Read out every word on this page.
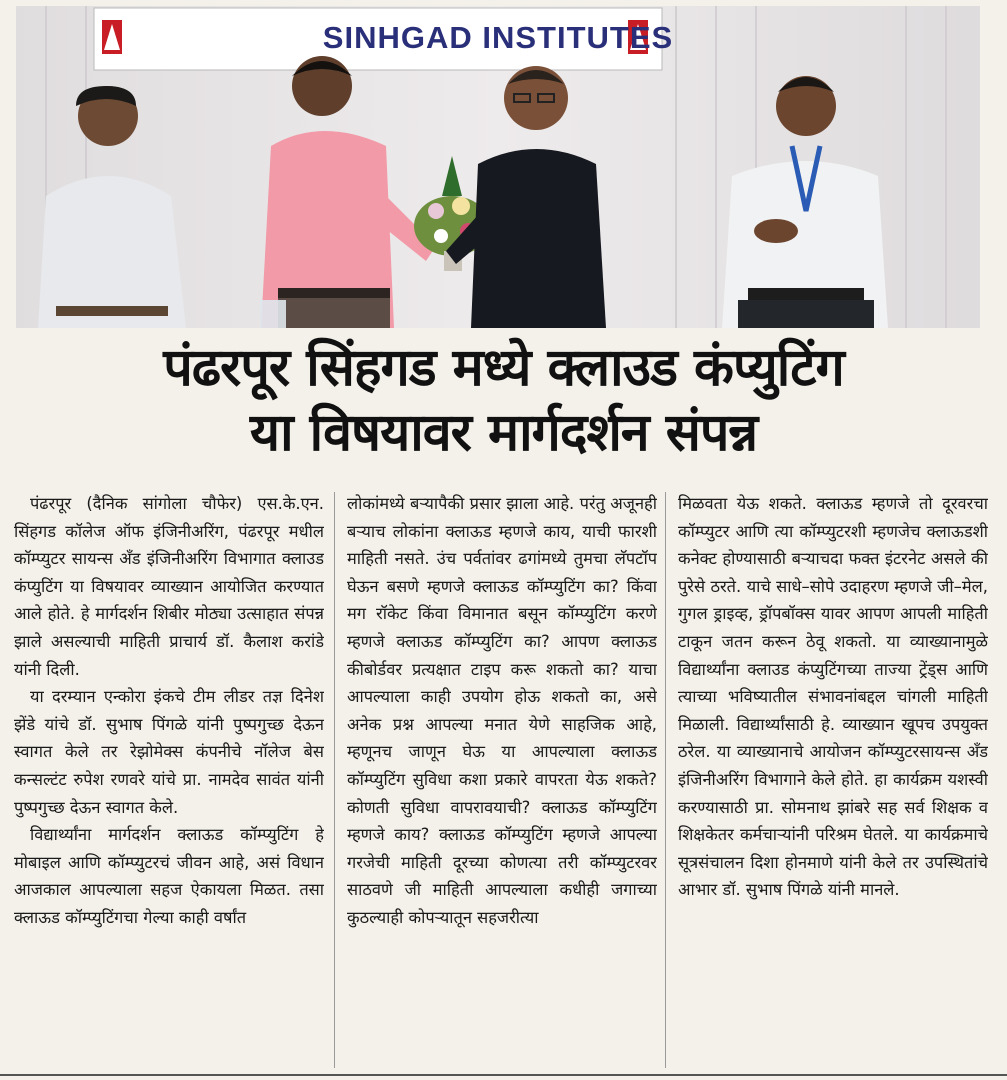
SINHGAD INSTITUTES
पंढरपूर सिंहगड मध्ये क्लाउड कंप्युटिंग
या विषयावर मार्गदर्शन संपन्न

पंढरपूर (दैनिक सांगोला चौफेर) एस.के.एन. सिंहगड कॉलेज ऑफ इंजिनीअरिंग, पंढरपूर मधील कॉम्प्युटर सायन्स अँड इंजिनीअरिंग विभागात क्लाउड कंप्युटिंग या विषयावर व्याख्यान आयोजित करण्यात आले होते. हे मार्गदर्शन शिबीर मोठ्या उत्साहात संपन्न झाले असल्याची माहिती प्राचार्य डॉ. कैलाश करांडे यांनी दिली.

या दरम्यान एन्कोरा इंकचे टीम लीडर तज्ञ दिनेश झेंडे यांचे डॉ. सुभाष पिंगळे यांनी पुष्पगुच्छ देऊन स्वागत केले तर रेझोमेक्स कंपनीचे नॉलेज बेस कन्सल्टंट रुपेश रणवरे यांचे प्रा. नामदेव सावंत यांनी पुष्पगुच्छ देऊन स्वागत केले.

विद्यार्थ्यांना मार्गदर्शन क्लाऊड कॉम्प्युटिंग हे मोबाइल आणि कॉम्प्युटरचं जीवन आहे, असं विधान आजकाल आपल्याला सहज ऐकायला मिळत. तसा क्लाऊड कॉम्प्युटिंगचा गेल्या काही वर्षांत

लोकांमध्ये बऱ्यापैकी प्रसार झाला आहे. परंतु अजूनही बऱ्याच लोकांना क्लाऊड म्हणजे काय, याची फारशी माहिती नसते. उंच पर्वतांवर ढगांमध्ये तुमचा लॅपटॉप घेऊन बसणे म्हणजे क्लाऊड कॉम्प्युटिंग का? किंवा मग रॉकेट किंवा विमानात बसून कॉम्प्युटिंग करणे म्हणजे क्लाऊड कॉम्प्युटिंग का? आपण क्लाऊड कीबोर्डवर प्रत्यक्षात टाइप करू शकतो का? याचा आपल्याला काही उपयोग होऊ शकतो का, असे अनेक प्रश्न आपल्या मनात येणे साहजिक आहे, म्हणूनच जाणून घेऊ या आपल्याला क्लाऊड कॉम्प्युटिंग सुविधा कशा प्रकारे वापरता येऊ शकते? कोणती सुविधा वापरावयाची? क्लाऊड कॉम्प्युटिंग म्हणजे काय? क्लाऊड कॉम्प्युटिंग म्हणजे आपल्या गरजेची माहिती दूरच्या कोणत्या तरी कॉम्प्युटरवर साठवणे जी माहिती आपल्याला कधीही जगाच्या कुठल्याही कोपऱ्यातून सहजरीत्या

मिळवता येऊ शकते. क्लाऊड म्हणजे तो दूरवरचा कॉम्प्युटर आणि त्या कॉम्प्युटरशी म्हणजेच क्लाऊडशी कनेक्ट होण्यासाठी बऱ्याचदा फक्त इंटरनेट असले की पुरेसे ठरते. याचे साधे–सोपे उदाहरण म्हणजे जी–मेल, गुगल ड्राइव्ह, ड्रॉपबॉक्स यावर आपण आपली माहिती टाकून जतन करून ठेवू शकतो. या व्याख्यानामुळे विद्यार्थ्यांना क्लाउड कंप्युटिंगच्या ताज्या ट्रेंड्स आणि त्याच्या भविष्यातील संभावनांबद्दल चांगली माहिती मिळाली. विद्यार्थ्यांसाठी हे. व्याख्यान खूपच उपयुक्त ठरेल. या व्याख्यानाचे आयोजन कॉम्प्युटरसायन्स अँड इंजिनीअरिंग विभागाने केले होते. हा कार्यक्रम यशस्वी करण्यासाठी प्रा. सोमनाथ झांबरे सह सर्व शिक्षक व शिक्षकेतर कर्मचाऱ्यांनी परिश्रम घेतले. या कार्यक्रमाचे सूत्रसंचालन दिशा होनमाणे यांनी केले तर उपस्थितांचे आभार डॉ. सुभाष पिंगळे यांनी मानले.
